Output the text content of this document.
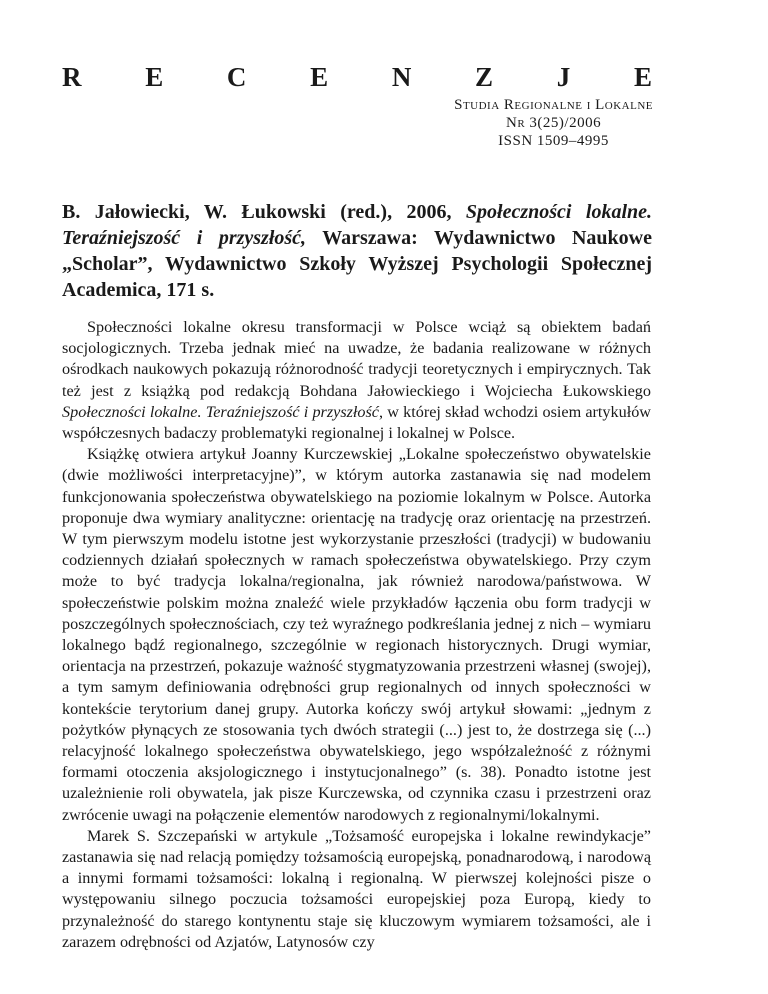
R E C E N Z J E
Studia Regionalne i Lokalne
Nr 3(25)/2006
ISSN 1509–4995
B. Jałowiecki, W. Łukowski (red.), 2006, Społeczności lokalne. Teraźniejszość i przyszłość, Warszawa: Wydawnictwo Naukowe „Scholar”, Wydawnictwo Szkoły Wyższej Psychologii Społecznej Academica, 171 s.

Społeczności lokalne okresu transformacji w Polsce wciąż są obiektem badań socjologicznych. Trzeba jednak mieć na uwadze, że badania realizowane w różnych ośrodkach naukowych pokazują różnorodność tradycji teoretycznych i empirycznych. Tak też jest z książką pod redakcją Bohdana Jałowieckiego i Wojciecha Łukowskiego Społeczności lokalne. Teraźniejszość i przyszłość, w której skład wchodzi osiem artykułów współczesnych badaczy problematyki regionalnej i lokalnej w Polsce.

Książkę otwiera artykuł Joanny Kurczewskiej „Lokalne społeczeństwo obywatelskie (dwie możliwości interpretacyjne)”, w którym autorka zastanawia się nad modelem funkcjonowania społeczeństwa obywatelskiego na poziomie lokalnym w Polsce. Autorka proponuje dwa wymiary analityczne: orientację na tradycję oraz orientację na przestrzeń. W tym pierwszym modelu istotne jest wykorzystanie przeszłości (tradycji) w budowaniu codziennych działań społecznych w ramach społeczeństwa obywatelskiego. Przy czym może to być tradycja lokalna/regionalna, jak również narodowa/państwowa. W społeczeństwie polskim można znaleźć wiele przykładów łączenia obu form tradycji w poszczególnych społecznościach, czy też wyraźnego podkreślania jednej z nich – wymiaru lokalnego bądź regionalnego, szczególnie w regionach historycznych. Drugi wymiar, orientacja na przestrzeń, pokazuje ważność stygmatyzowania przestrzeni własnej (swojej), a tym samym definiowania odrębności grup regionalnych od innych społeczności w kontekście terytorium danej grupy. Autorka kończy swój artykuł słowami: „jednym z pożytków płynących ze stosowania tych dwóch strategii (...) jest to, że dostrzega się (...) relacyjność lokalnego społeczeństwa obywatelskiego, jego współzależność z różnymi formami otoczenia aksjologicznego i instytucjonalnego” (s. 38). Ponadto istotne jest uzależnienie roli obywatela, jak pisze Kurczewska, od czynnika czasu i przestrzeni oraz zwrócenie uwagi na połączenie elementów narodowych z regionalnymi/lokalnymi.

Marek S. Szczepański w artykule „Tożsamość europejska i lokalne rewindykacje” zastanawia się nad relacją pomiędzy tożsamością europejską, ponadnarodową, i narodową a innymi formami tożsamości: lokalną i regionalną. W pierwszej kolejności pisze o występowaniu silnego poczucia tożsamości europejskiej poza Europą, kiedy to przynależność do starego kontynentu staje się kluczowym wymiarem tożsamości, ale i zarazem odrębności od Azjatów, Latynosów czy
